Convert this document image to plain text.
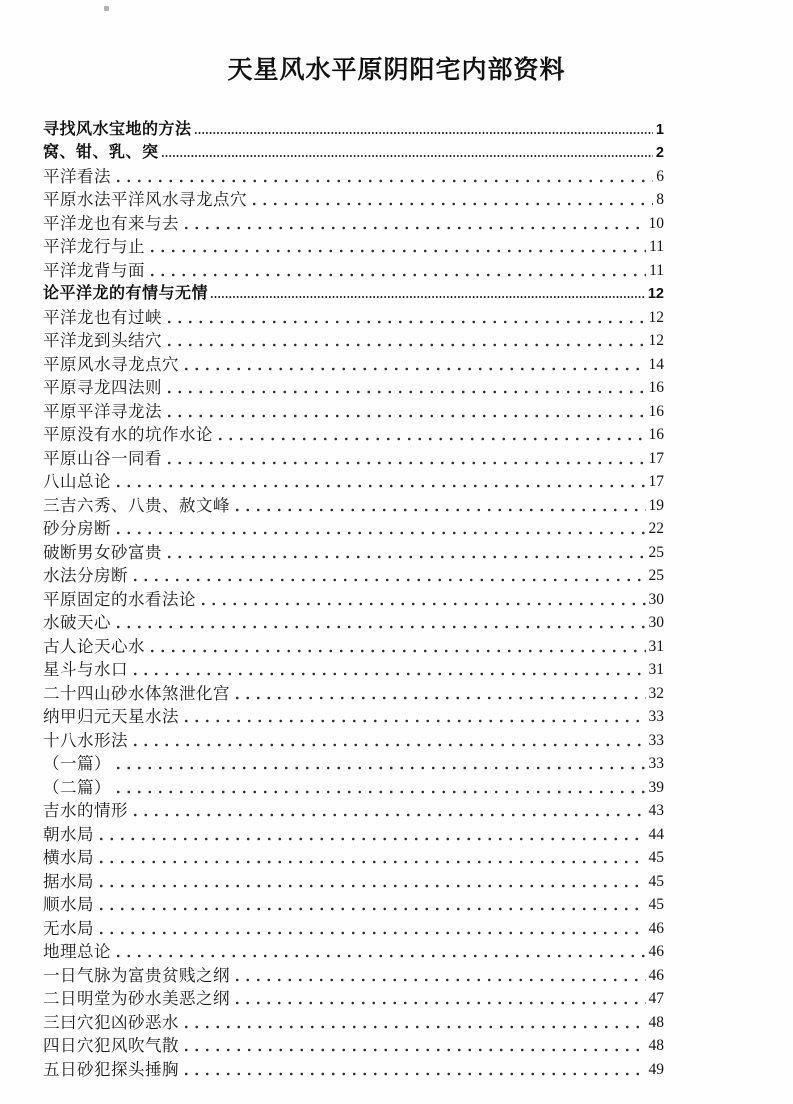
天星风水平原阴阳宅内部资料
寻找风水宝地的方法	1
窝、钳、乳、突	2
平洋看法	6
平原水法平洋风水寻龙点穴	8
平洋龙也有来与去	10
平洋龙行与止	11
平洋龙背与面	11
论平洋龙的有情与无情	12
平洋龙也有过峡	12
平洋龙到头结穴	12
平原风水寻龙点穴	14
平原寻龙四法则	16
平原平洋寻龙法	16
平原没有水的坑作水论	16
平原山谷一同看	17
八山总论	17
三吉六秀、八贵、赦文峰	19
砂分房断	22
破断男女砂富贵	25
水法分房断	25
平原固定的水看法论	30
水破天心	30
古人论天心水	31
星斗与水口	31
二十四山砂水体煞泄化宫	32
纳甲归元天星水法	33
十八水形法	33
（一篇）	33
（二篇）	39
吉水的情形	43
朝水局	44
横水局	45
据水局	45
顺水局	45
无水局	46
地理总论	46
一日气脉为富贵贫贱之纲	46
二日明堂为砂水美恶之纲	47
三曰穴犯凶砂恶水	48
四日穴犯风吹气散	48
五日砂犯探头捶胸	49
